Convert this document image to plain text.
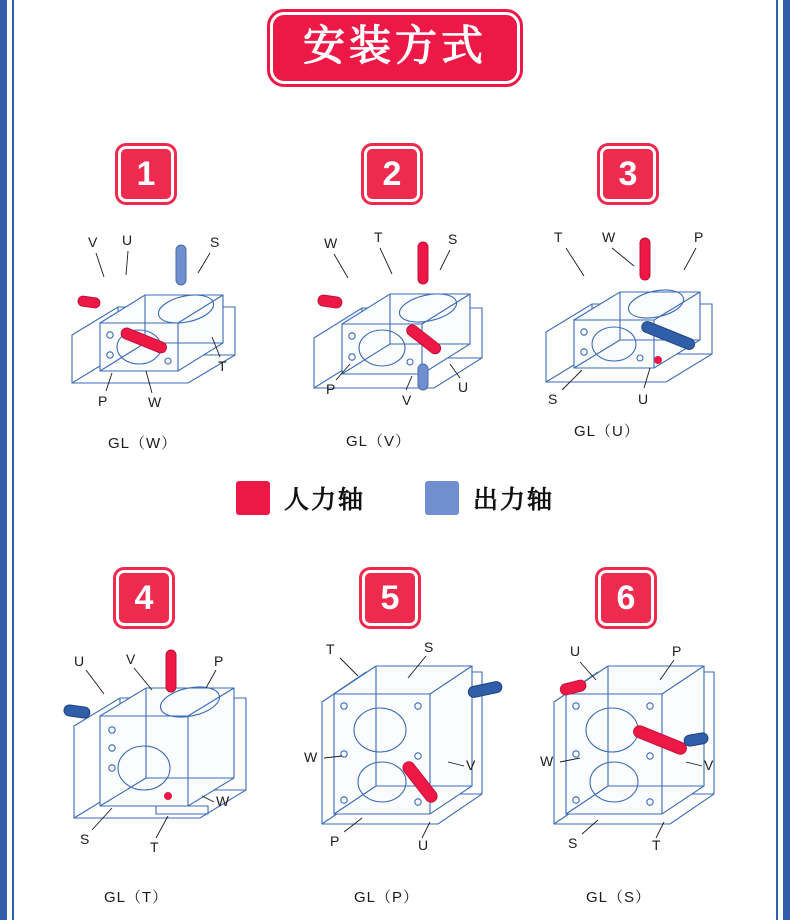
安装方式
1	2	3
V U	S
T
P	W
GL（W）
W	T	S
P
V
U
GL（V）
T	W	P
S	U
GL（U）
人力轴	出力轴
4	5	6
U	V	P
S	T
W
GL（T）
T	S
W	V
P	U
GL（P）
U	P
W	V
S	T
GL（S）
